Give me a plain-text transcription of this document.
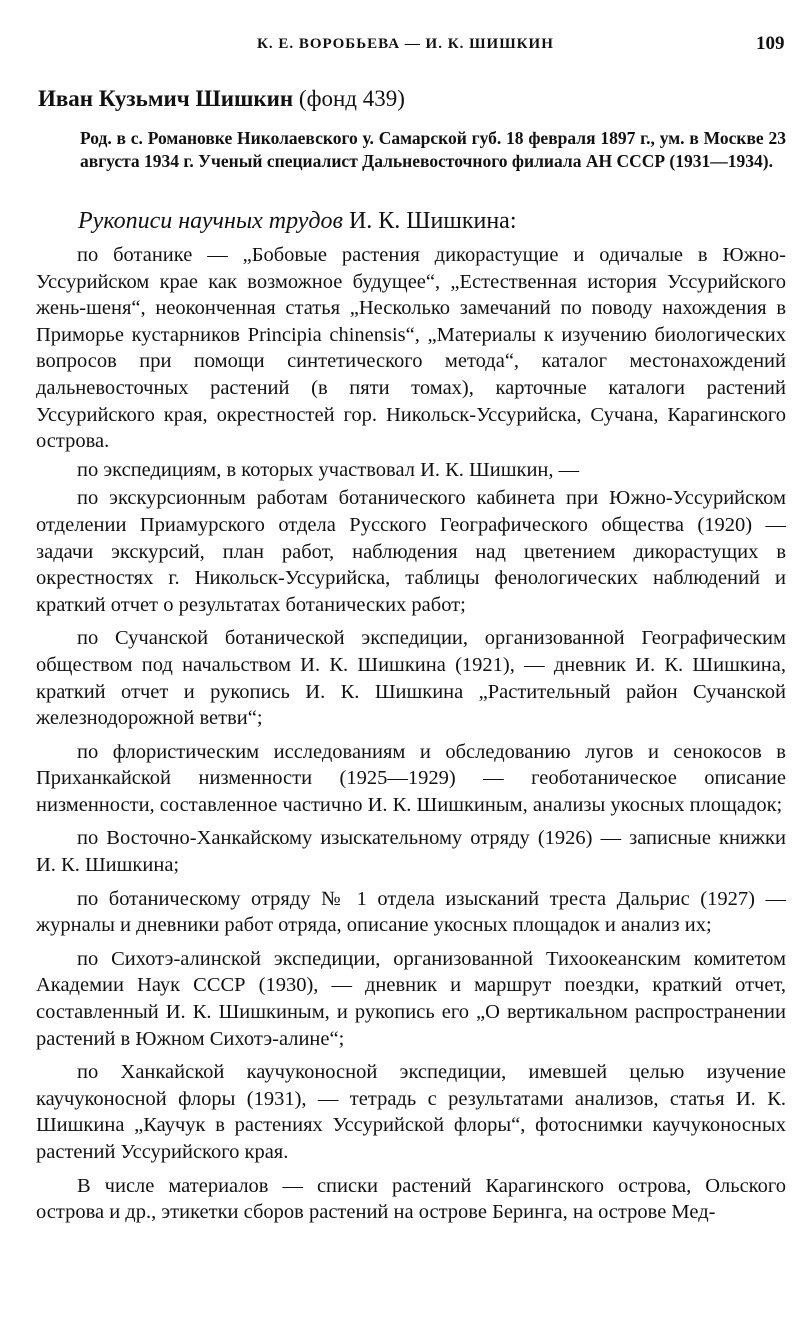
К. Е. ВОРОБЬЕВА — И. К. ШИШКИН	109
Иван Кузьмич Шишкин (фонд 439)
Род. в с. Романовке Николаевского у. Самарской губ. 18 февраля 1897 г., ум. в Москве 23 августа 1934 г. Ученый специалист Дальневосточного филиала АН СССР (1931—1934).
Рукописи научных трудов И. К. Шишкина:

по ботанике — „Бобовые растения дикорастущие и одичалые в Южно-Уссурийском крае как возможное будущее“, „Естественная история Уссурийского жень-шеня“, неоконченная статья „Несколько замечаний по поводу нахождения в Приморье кустарников Principia chinensis“, „Материалы к изучению биологических вопросов при помощи синтетического метода“, каталог местонахождений дальневосточных растений (в пяти томах), карточные каталоги растений Уссурийского края, окрестностей гор. Никольск-Уссурийска, Сучана, Карагинского острова.

по экспедициям, в которых участвовал И. К. Шишкин, —

по экскурсионным работам ботанического кабинета при Южно-Уссурийском отделении Приамурского отдела Русского Географического общества (1920) — задачи экскурсий, план работ, наблюдения над цветением дикорастущих в окрестностях г. Никольск-Уссурийска, таблицы фенологических наблюдений и краткий отчет о результатах ботанических работ;

по Сучанской ботанической экспедиции, организованной Географическим обществом под начальством И. К. Шишкина (1921), — дневник И. К. Шишкина, краткий отчет и рукопись И. К. Шишкина „Растительный район Сучанской железнодорожной ветви“;

по флористическим исследованиям и обследованию лугов и сенокосов в Приханкайской низменности (1925—1929) — геоботаническое описание низменности, составленное частично И. К. Шишкиным, анализы укосных площадок;

по Восточно-Ханкайскому изыскательному отряду (1926) — записные книжки И. К. Шишкина;

по ботаническому отряду № 1 отдела изысканий треста Дальрис (1927) — журналы и дневники работ отряда, описание укосных площадок и анализ их;

по Сихотэ-алинской экспедиции, организованной Тихоокеанским комитетом Академии Наук СССР (1930), — дневник и маршрут поездки, краткий отчет, составленный И. К. Шишкиным, и рукопись его „О вертикальном распространении растений в Южном Сихотэ-алине“;

по Ханкайской каучуконосной экспедиции, имевшей целью изучение каучуконосной флоры (1931), — тетрадь с результатами анализов, статья И. К. Шишкина „Каучук в растениях Уссурийской флоры“, фотоснимки каучуконосных растений Уссурийского края.

В числе материалов — списки растений Карагинского острова, Ольского острова и др., этикетки сборов растений на острове Беринга, на острове Мед-
